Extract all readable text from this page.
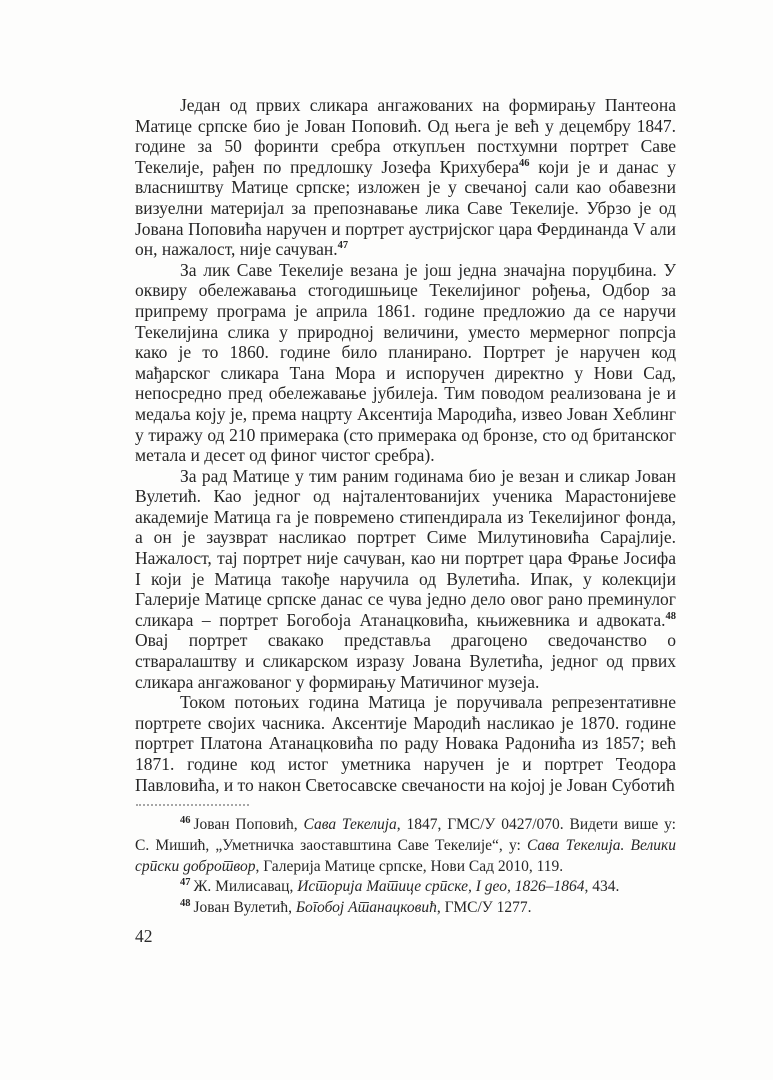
Један од првих сликара ангажованих на формирању Пантеона Матице српске био је Јован Поповић. Од њега је већ у децембру 1847. године за 50 форинти сребра откупљен постхумни портрет Саве Текелије, рађен по предлошку Јозефа Крихубера$^{46}$ који је и данас у власништву Матице српске; изложен је у свечаној сали као обавезни визуелни материјал за препознавање лика Саве Текелије. Убрзо је од Јована Поповића наручен и портрет аустријског цара Фердинанда V али он, нажалост, није сачуван.$^{47}$

За лик Саве Текелије везана је још једна значајна поруџбина. У оквиру обележавања стогодишњице Текелијиног рођења, Одбор за припрему програма је априла 1861. године предложио да се наручи Текелијина слика у природној величини, уместо мермерног попрсја како је то 1860. године било планирано. Портрет је наручен код мађарског сликара Тана Мора и испоручен директно у Нови Сад, непосредно пред обележавање јубилеја. Тим поводом реализована је и медаља коју је, према нацрту Аксентија Мародића, извео Јован Хеблинг у тиражу од 210 примерака (сто примерака од бронзе, сто од британског метала и десет од финог чистог сребра).

За рад Матице у тим раним годинама био је везан и сликар Јован Вулетић. Као једног од најталентованијих ученика Марастонијеве академије Матица га је повремено стипендирала из Текелијиног фонда, а он је заузврат насликао портрет Симе Милутиновића Сарајлије. Нажалост, тај портрет није сачуван, као ни портрет цара Фрање Јосифа I који је Матица такође наручила од Вулетића. Ипак, у колекцији Галерије Матице српске данас се чува једно дело овог рано преминулог сликара – портрет Богобоја Атанацковића, књижевника и адвоката.$^{48}$ Овај портрет свакако представља драгоцено сведочанство о стваралаштву и сликарском изразу Јована Вулетића, једног од првих сликара ангажованог у формирању Матичиног музеја.

Током потоњих година Матица је поручивала репрезентативне портрете својих часника. Аксентије Мародић насликао је 1870. године портрет Платона Атанацковића по раду Новака Радонића из 1857; већ 1871. године код истог уметника наручен је и портрет Теодора Павловића, и то након Светосавске свечаности на којој је Јован Суботић

$^{46}$ Јован Поповић, Сава Текелија, 1847, ГМС/У 0427/070. Видети више у: С. Мишић, „Уметничка заоставштина Саве Текелије“, у: Сава Текелија. Велики српски добротвор, Галерија Матице српске, Нови Сад 2010, 119.

$^{47}$ Ж. Милисавац, Историја Матице српске, I део, 1826–1864, 434.

$^{48}$ Јован Вулетић, Богобој Атанацковић, ГМС/У 1277.

42
